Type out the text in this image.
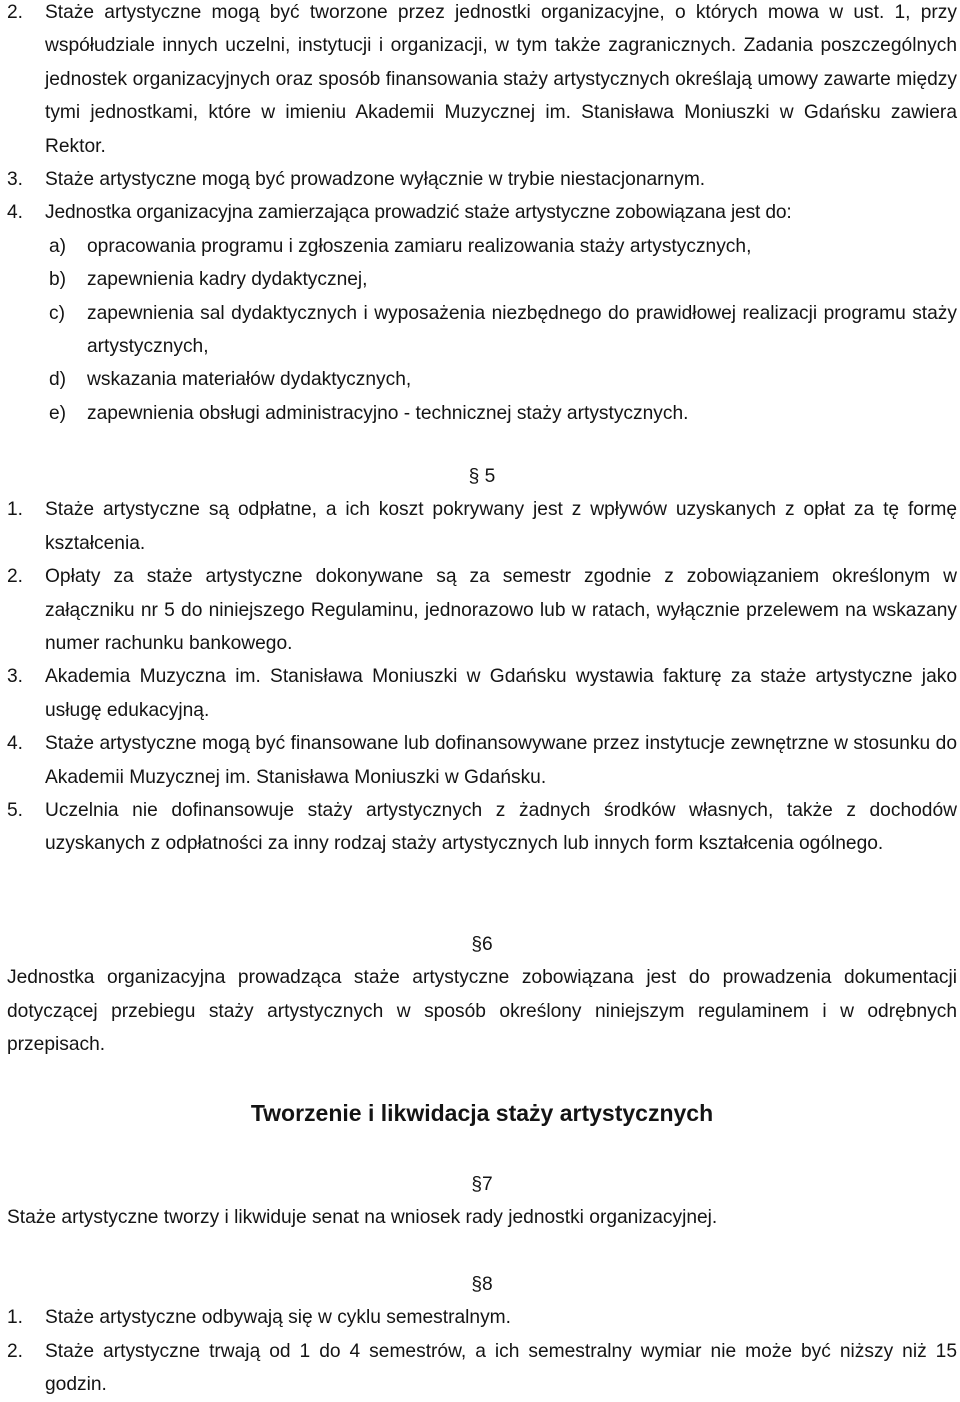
2. Staże artystyczne mogą być tworzone przez jednostki organizacyjne, o których mowa w ust. 1, przy współudziale innych uczelni, instytucji i organizacji, w tym także zagranicznych. Zadania poszczególnych jednostek organizacyjnych oraz sposób finansowania staży artystycznych określają umowy zawarte między tymi jednostkami, które w imieniu Akademii Muzycznej im. Stanisława Moniuszki w Gdańsku zawiera Rektor.
3. Staże artystyczne mogą być prowadzone wyłącznie w trybie niestacjonarnym.
4. Jednostka organizacyjna zamierzająca prowadzić staże artystyczne zobowiązana jest do:
a) opracowania programu i zgłoszenia zamiaru realizowania staży artystycznych,
b) zapewnienia kadry dydaktycznej,
c) zapewnienia sal dydaktycznych i wyposażenia niezbędnego do prawidłowej realizacji programu staży artystycznych,
d) wskazania materiałów dydaktycznych,
e) zapewnienia obsługi administracyjno - technicznej staży artystycznych.
§ 5
1. Staże artystyczne są odpłatne, a ich koszt pokrywany jest z wpływów uzyskanych z opłat za tę formę kształcenia.
2. Opłaty za staże artystyczne dokonywane są za semestr zgodnie z zobowiązaniem określonym w załączniku nr 5 do niniejszego Regulaminu, jednorazowo lub w ratach, wyłącznie przelewem na wskazany numer rachunku bankowego.
3. Akademia Muzyczna im. Stanisława Moniuszki w Gdańsku wystawia fakturę za staże artystyczne jako usługę edukacyjną.
4. Staże artystyczne mogą być finansowane lub dofinansowywane przez instytucje zewnętrzne w stosunku do Akademii Muzycznej im. Stanisława Moniuszki w Gdańsku.
5. Uczelnia nie dofinansowuje staży artystycznych z żadnych środków własnych, także z dochodów uzyskanych z odpłatności za inny rodzaj staży artystycznych lub innych form kształcenia ogólnego.
§6
Jednostka organizacyjna prowadząca staże artystyczne zobowiązana jest do prowadzenia dokumentacji dotyczącej przebiegu staży artystycznych w sposób określony niniejszym regulaminem i w odrębnych przepisach.
Tworzenie i likwidacja staży artystycznych
§7
Staże artystyczne tworzy i likwiduje senat na wniosek rady jednostki organizacyjnej.
§8
1. Staże artystyczne odbywają się w cyklu semestralnym.
2. Staże artystyczne trwają od 1 do 4 semestrów, a ich semestralny wymiar nie może być niższy niż 15 godzin.
